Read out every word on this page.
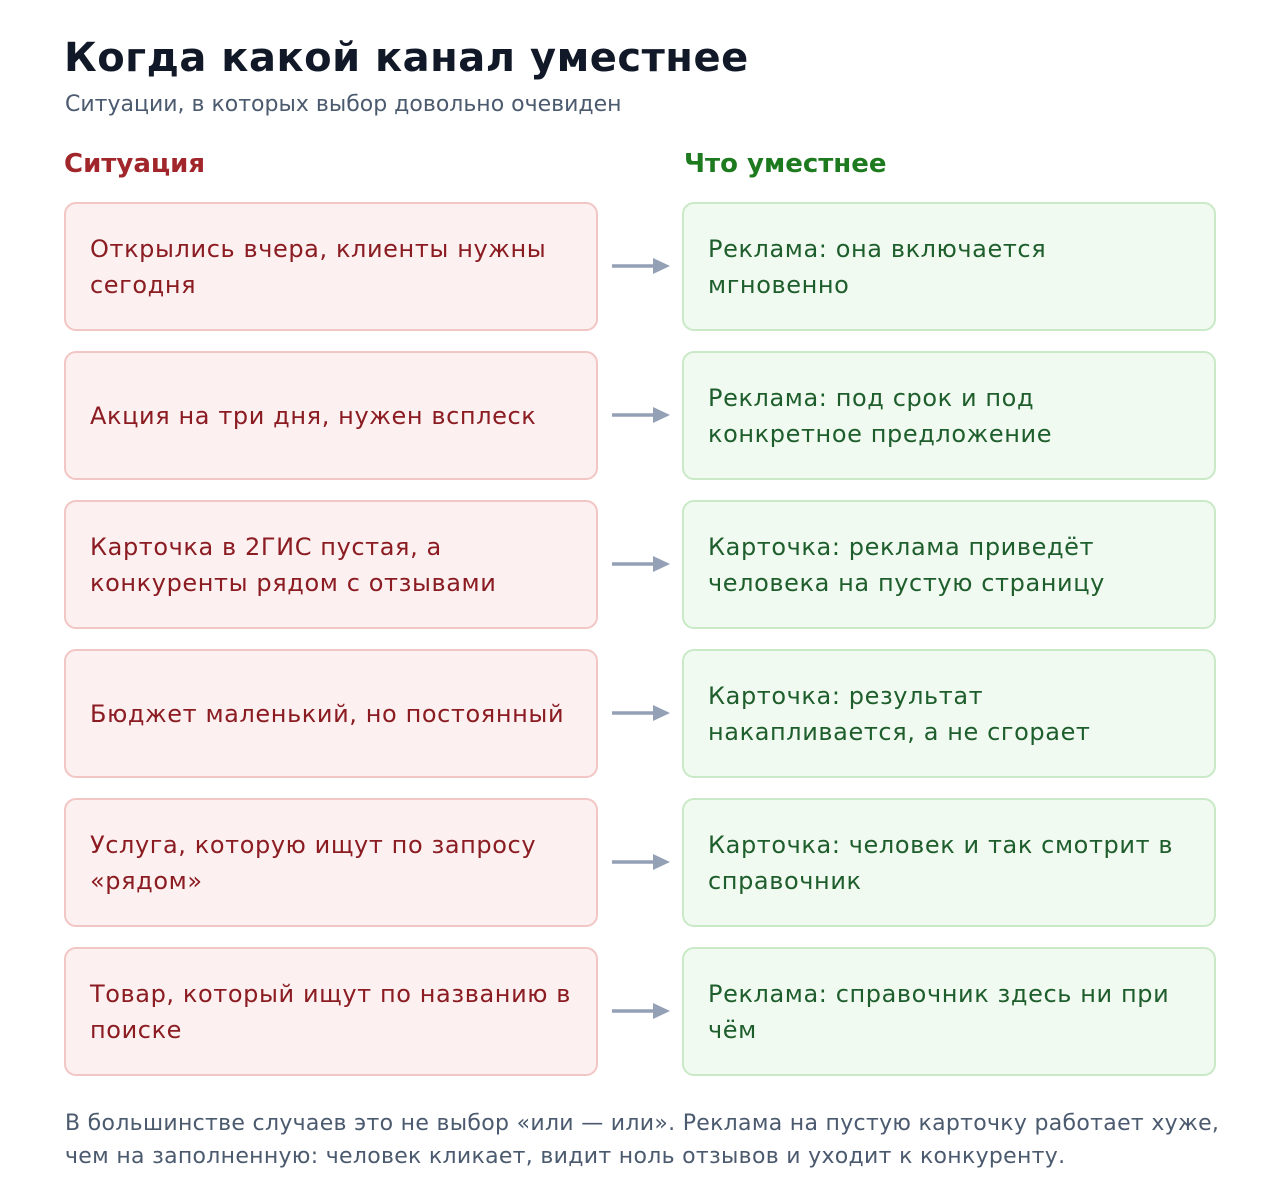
Когда какой канал уместнее
Ситуации, в которых выбор довольно очевиден
Ситуация	Что уместнее
Открылись вчера, клиенты нужны сегодня
Реклама: она включается мгновенно
Акция на три дня, нужен всплеск
Реклама: под срок и под конкретное предложение
Карточка в 2ГИС пустая, а конкуренты рядом с отзывами
Карточка: реклама приведёт человека на пустую страницу
Бюджет маленький, но постоянный
Карточка: результат накапливается, а не сгорает
Услуга, которую ищут по запросу «рядом»
Карточка: человек и так смотрит в справочник
Товар, который ищут по названию в поиске
Реклама: справочник здесь ни при чём
В большинстве случаев это не выбор «или — или». Реклама на пустую карточку работает хуже, чем на заполненную: человек кликает, видит ноль отзывов и уходит к конкуренту.
